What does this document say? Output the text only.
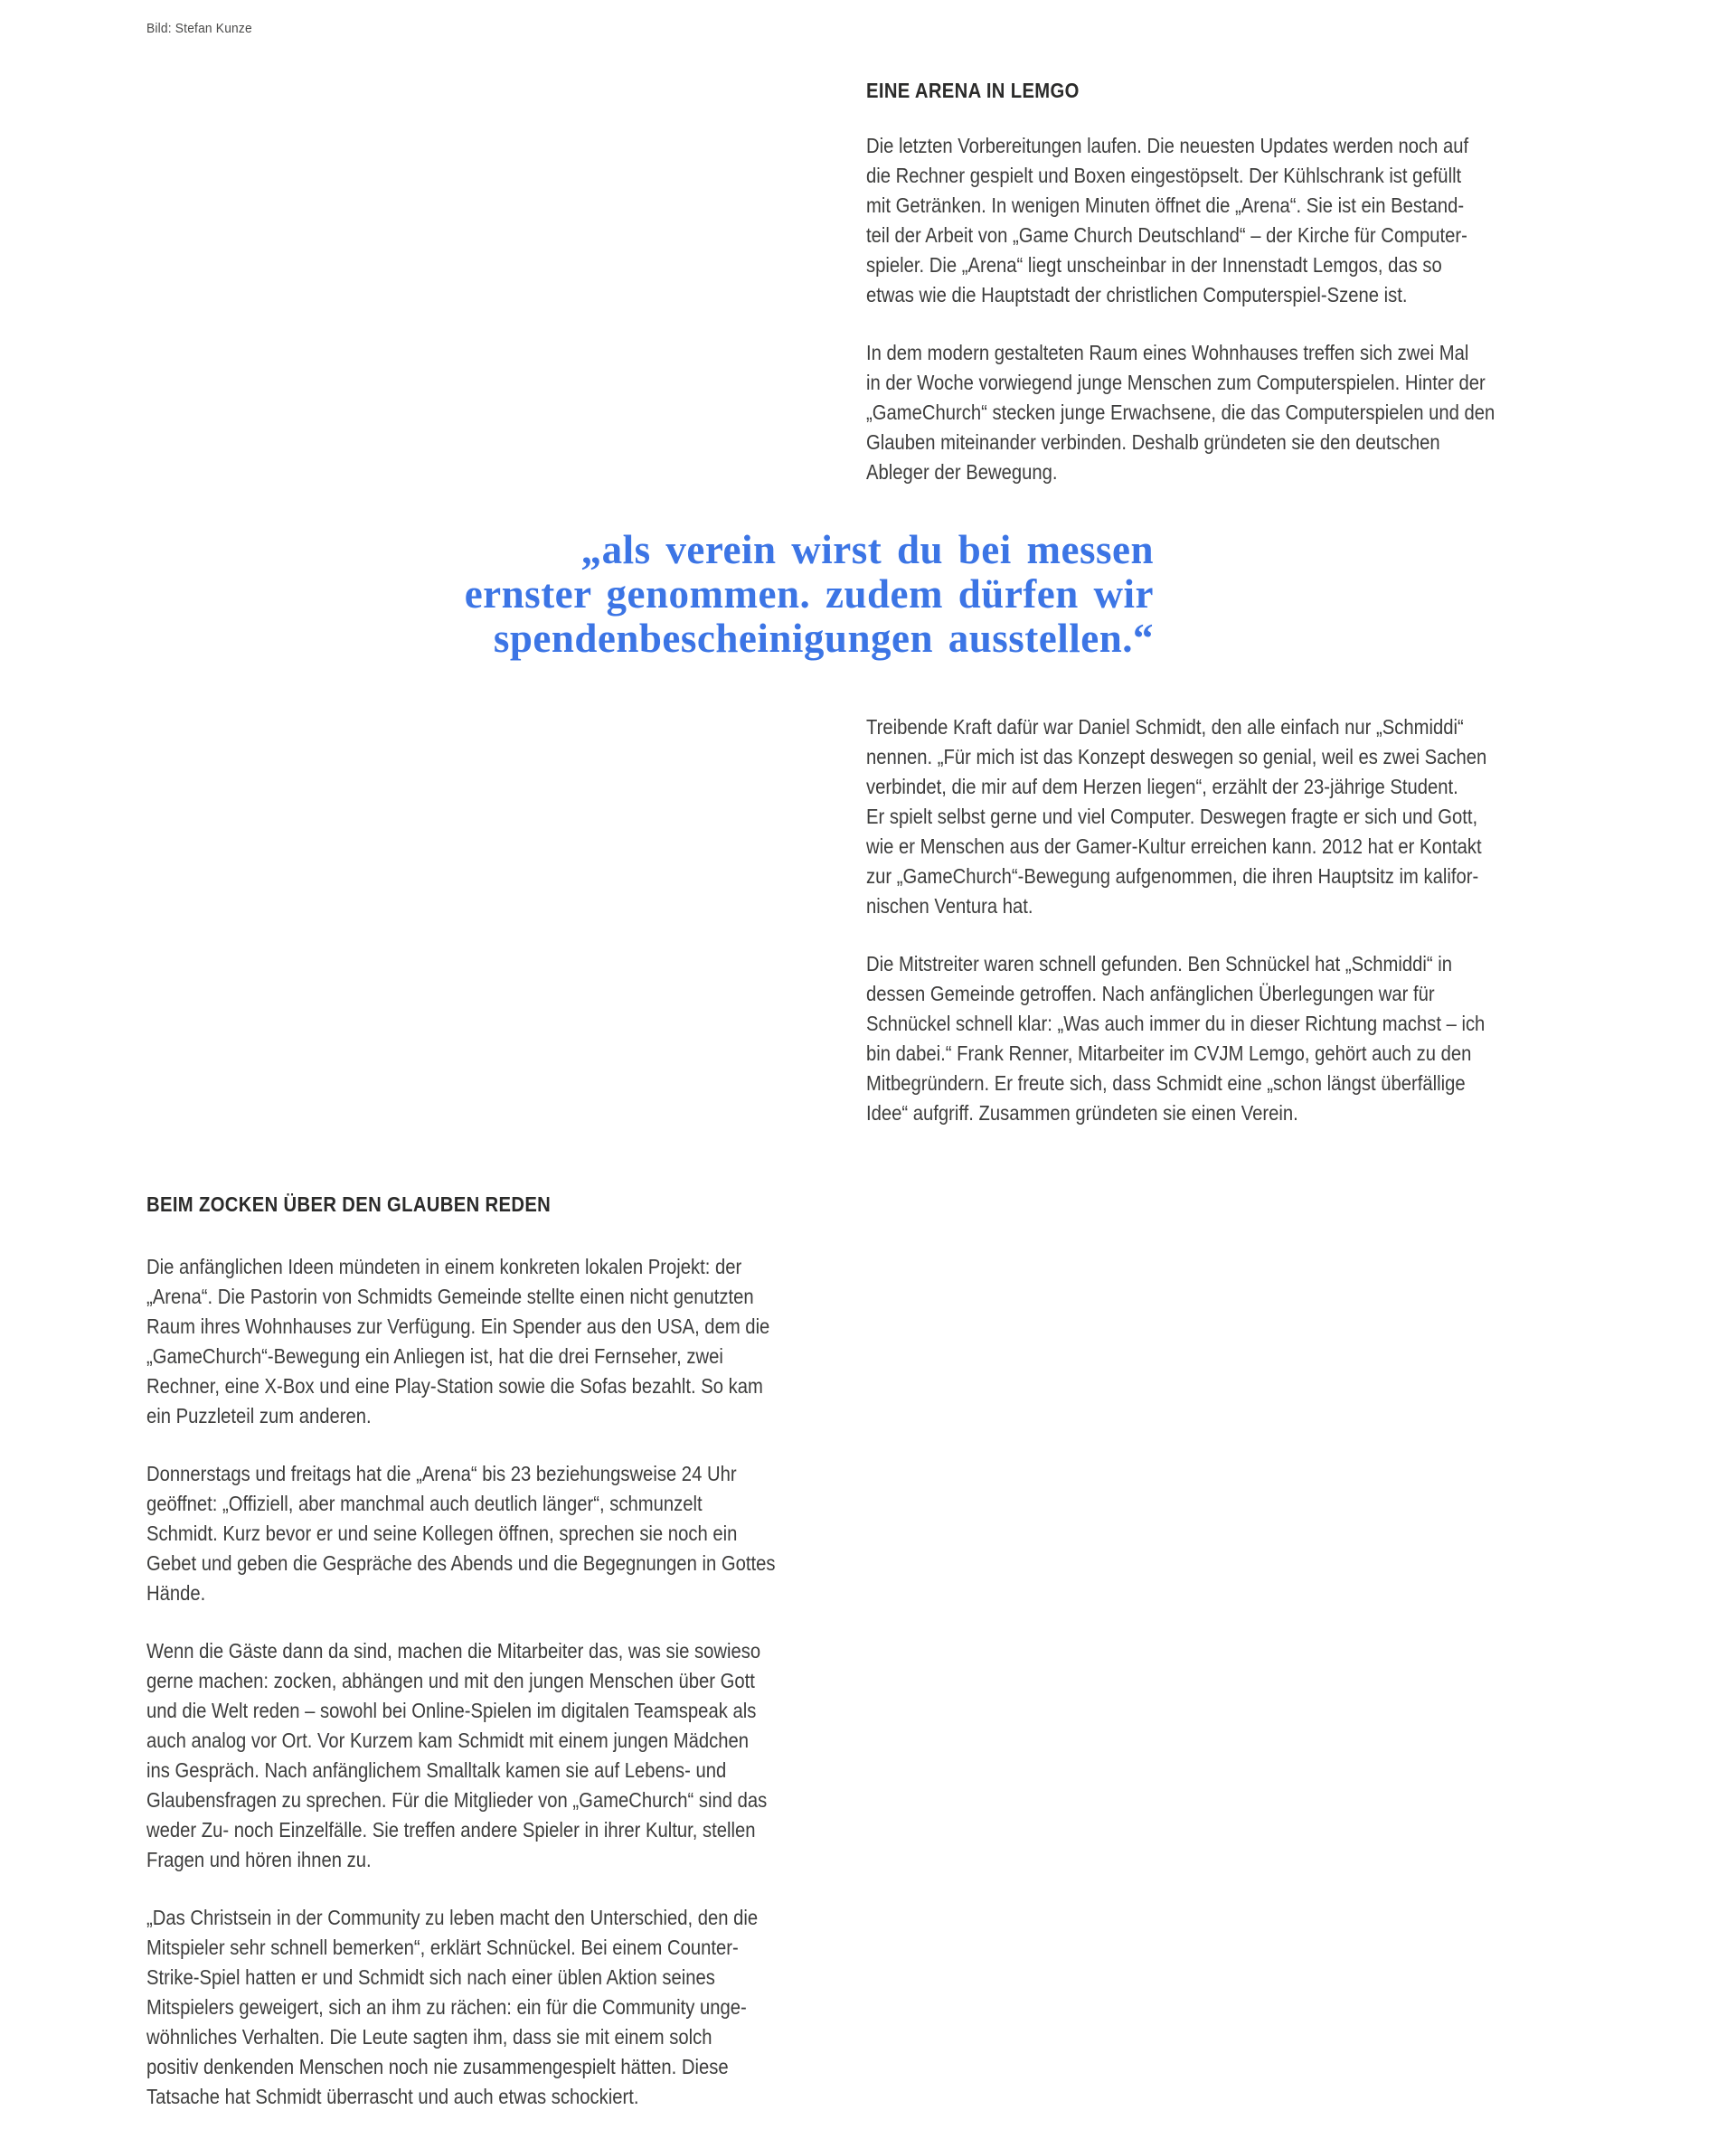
Bild: Stefan Kunze
EINE ARENA IN LEMGO

Die letzten Vorbereitungen laufen. Die neuesten Updates werden noch auf
die Rechner gespielt und Boxen eingestöpselt. Der Kühlschrank ist gefüllt
mit Getränken. In wenigen Minuten öffnet die „Arena“. Sie ist ein Bestand-
teil der Arbeit von „Game Church Deutschland“ – der Kirche für Computer-
spieler. Die „Arena“ liegt unscheinbar in der Innenstadt Lemgos, das so
etwas wie die Hauptstadt der christlichen Computerspiel-Szene ist.

In dem modern gestalteten Raum eines Wohnhauses treffen sich zwei Mal
in der Woche vorwiegend junge Menschen zum Computerspielen. Hinter der
„GameChurch“ stecken junge Erwachsene, die das Computerspielen und den
Glauben miteinander verbinden. Deshalb gründeten sie den deutschen
Ableger der Bewegung.

„als verein wirst du bei messen
ernster genommen. zudem dürfen wir
spendenbescheinigungen ausstellen.“

Treibende Kraft dafür war Daniel Schmidt, den alle einfach nur „Schmiddi“
nennen. „Für mich ist das Konzept deswegen so genial, weil es zwei Sachen
verbindet, die mir auf dem Herzen liegen“, erzählt der 23-jährige Student.
Er spielt selbst gerne und viel Computer. Deswegen fragte er sich und Gott,
wie er Menschen aus der Gamer-Kultur erreichen kann. 2012 hat er Kontakt
zur „GameChurch“-Bewegung aufgenommen, die ihren Hauptsitz im kalifor-
nischen Ventura hat.

Die Mitstreiter waren schnell gefunden. Ben Schnückel hat „Schmiddi“ in
dessen Gemeinde getroffen. Nach anfänglichen Überlegungen war für
Schnückel schnell klar: „Was auch immer du in dieser Richtung machst – ich
bin dabei.“ Frank Renner, Mitarbeiter im CVJM Lemgo, gehört auch zu den
Mitbegründern. Er freute sich, dass Schmidt eine „schon längst überfällige
Idee“ aufgriff. Zusammen gründeten sie einen Verein.

BEIM ZOCKEN ÜBER DEN GLAUBEN REDEN

Die anfänglichen Ideen mündeten in einem konkreten lokalen Projekt: der
„Arena“. Die Pastorin von Schmidts Gemeinde stellte einen nicht genutzten
Raum ihres Wohnhauses zur Verfügung. Ein Spender aus den USA, dem die
„GameChurch“-Bewegung ein Anliegen ist, hat die drei Fernseher, zwei
Rechner, eine X-Box und eine Play-Station sowie die Sofas bezahlt. So kam
ein Puzzleteil zum anderen.

Donnerstags und freitags hat die „Arena“ bis 23 beziehungsweise 24 Uhr
geöffnet: „Offiziell, aber manchmal auch deutlich länger“, schmunzelt
Schmidt. Kurz bevor er und seine Kollegen öffnen, sprechen sie noch ein
Gebet und geben die Gespräche des Abends und die Begegnungen in Gottes
Hände.

Wenn die Gäste dann da sind, machen die Mitarbeiter das, was sie sowieso
gerne machen: zocken, abhängen und mit den jungen Menschen über Gott
und die Welt reden – sowohl bei Online-Spielen im digitalen Teamspeak als
auch analog vor Ort. Vor Kurzem kam Schmidt mit einem jungen Mädchen
ins Gespräch. Nach anfänglichem Smalltalk kamen sie auf Lebens- und
Glaubensfragen zu sprechen. Für die Mitglieder von „GameChurch“ sind das
weder Zu- noch Einzelfälle. Sie treffen andere Spieler in ihrer Kultur, stellen
Fragen und hören ihnen zu.

„Das Christsein in der Community zu leben macht den Unterschied, den die
Mitspieler sehr schnell bemerken“, erklärt Schnückel. Bei einem Counter-
Strike-Spiel hatten er und Schmidt sich nach einer üblen Aktion seines
Mitspielers geweigert, sich an ihm zu rächen: ein für die Community unge-
wöhnliches Verhalten. Die Leute sagten ihm, dass sie mit einem solch
positiv denkenden Menschen noch nie zusammengespielt hätten. Diese
Tatsache hat Schmidt überrascht und auch etwas schockiert.
